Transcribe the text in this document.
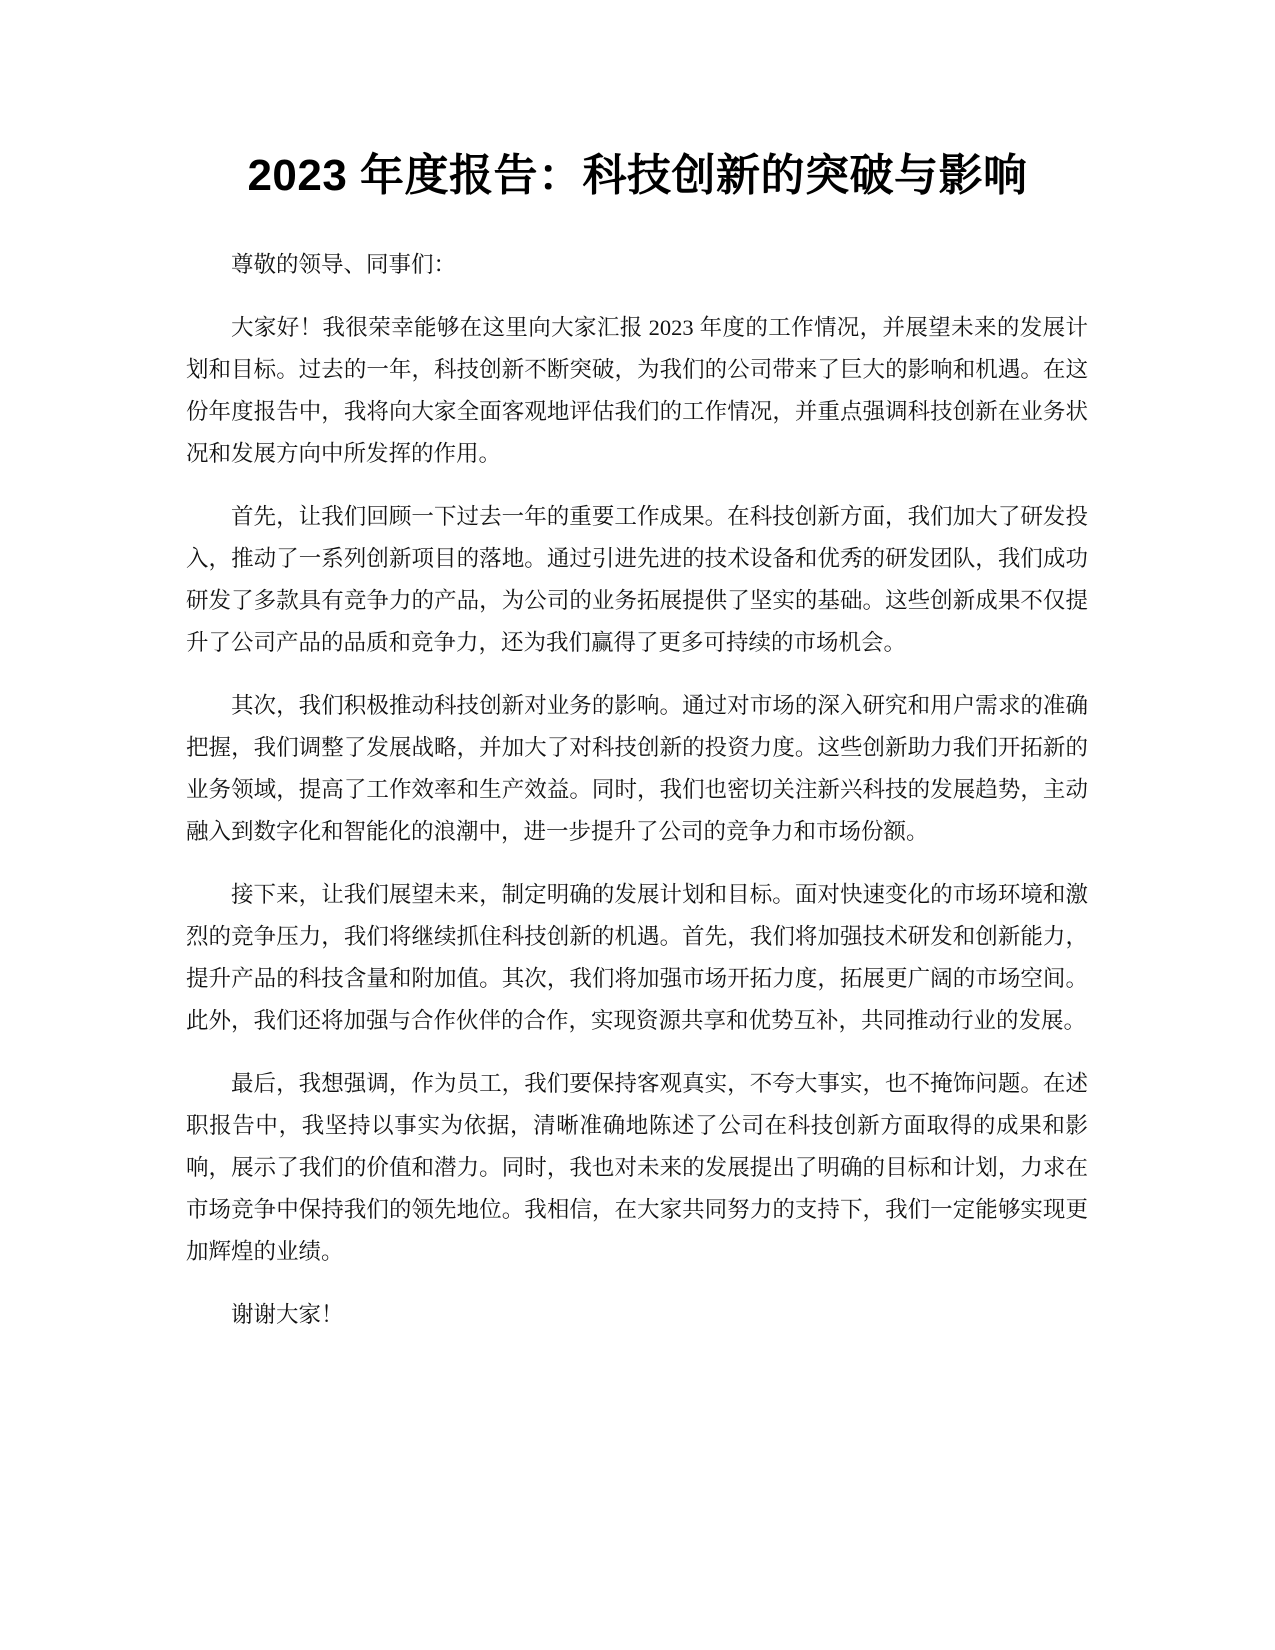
2023 年度报告：科技创新的突破与影响

尊敬的领导、同事们：

大家好！我很荣幸能够在这里向大家汇报 2023 年度的工作情况，并展望未来的发展计划和目标。过去的一年，科技创新不断突破，为我们的公司带来了巨大的影响和机遇。在这份年度报告中，我将向大家全面客观地评估我们的工作情况，并重点强调科技创新在业务状况和发展方向中所发挥的作用。

首先，让我们回顾一下过去一年的重要工作成果。在科技创新方面，我们加大了研发投入，推动了一系列创新项目的落地。通过引进先进的技术设备和优秀的研发团队，我们成功研发了多款具有竞争力的产品，为公司的业务拓展提供了坚实的基础。这些创新成果不仅提升了公司产品的品质和竞争力，还为我们赢得了更多可持续的市场机会。

其次，我们积极推动科技创新对业务的影响。通过对市场的深入研究和用户需求的准确把握，我们调整了发展战略，并加大了对科技创新的投资力度。这些创新助力我们开拓新的业务领域，提高了工作效率和生产效益。同时，我们也密切关注新兴科技的发展趋势，主动融入到数字化和智能化的浪潮中，进一步提升了公司的竞争力和市场份额。

接下来，让我们展望未来，制定明确的发展计划和目标。面对快速变化的市场环境和激烈的竞争压力，我们将继续抓住科技创新的机遇。首先，我们将加强技术研发和创新能力，提升产品的科技含量和附加值。其次，我们将加强市场开拓力度，拓展更广阔的市场空间。此外，我们还将加强与合作伙伴的合作，实现资源共享和优势互补，共同推动行业的发展。

最后，我想强调，作为员工，我们要保持客观真实，不夸大事实，也不掩饰问题。在述职报告中，我坚持以事实为依据，清晰准确地陈述了公司在科技创新方面取得的成果和影响，展示了我们的价值和潜力。同时，我也对未来的发展提出了明确的目标和计划，力求在市场竞争中保持我们的领先地位。我相信，在大家共同努力的支持下，我们一定能够实现更加辉煌的业绩。

谢谢大家！
